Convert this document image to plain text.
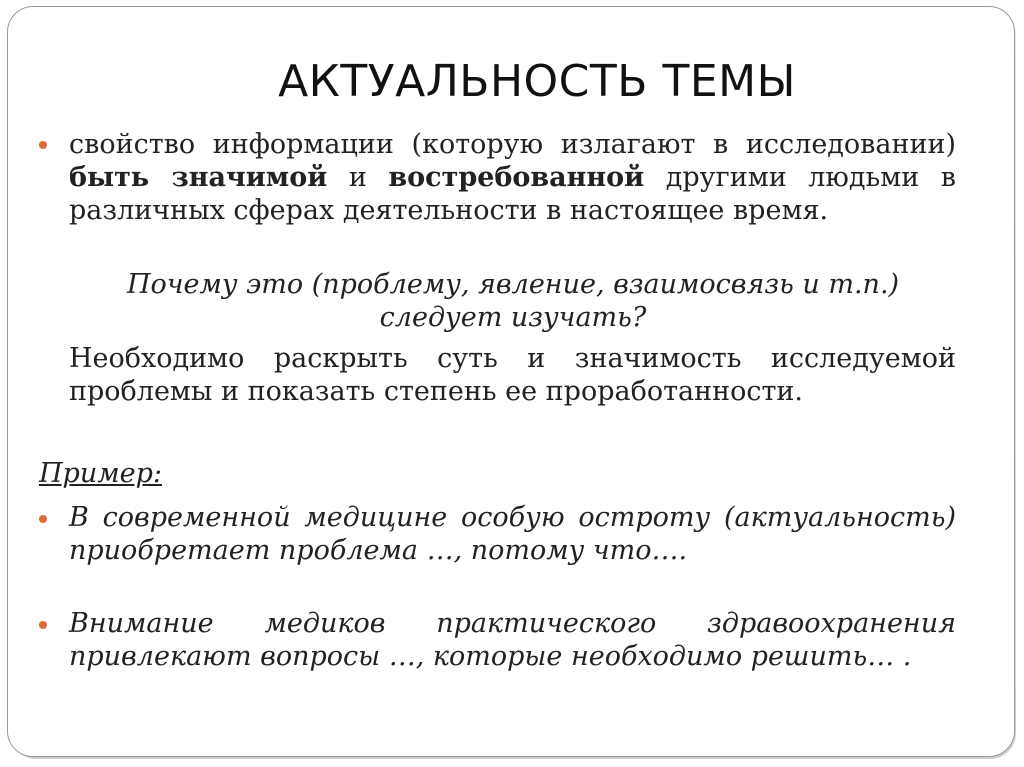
АКТУАЛЬНОСТЬ ТЕМЫ
свойство информации (которую излагают в исследовании) быть значимой и востребованной другими людьми в различных сферах деятельности в настоящее время.
Почему это (проблему, явление, взаимосвязь и т.п.) следует изучать?
Необходимо раскрыть суть и значимость исследуемой проблемы и показать степень ее проработанности.
Пример:
В современной медицине особую остроту (актуальность) приобретает проблема …, потому что….
Внимание медиков практического здравоохранения привлекают вопросы …, которые необходимо решить… .
